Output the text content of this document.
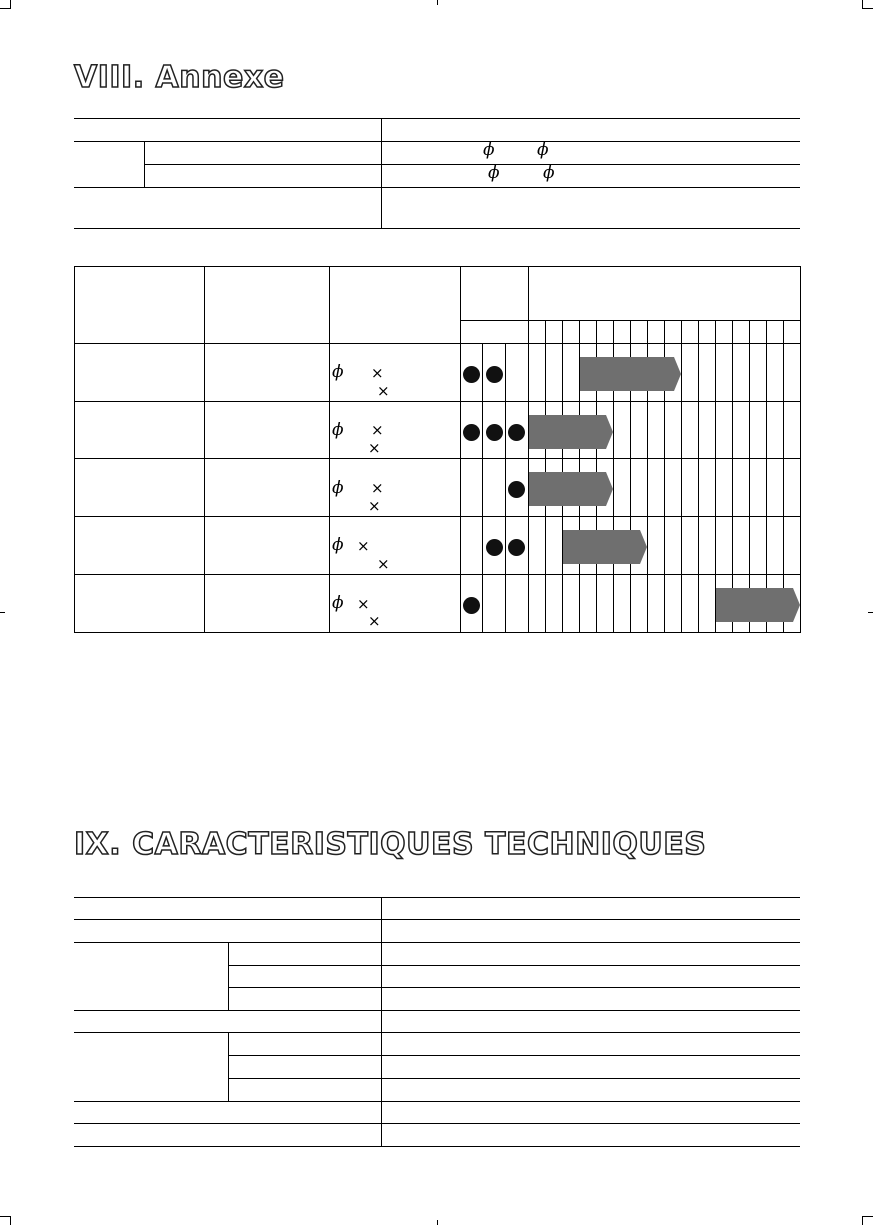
VIII. Annexe
ϕ ϕ
ϕ	ϕ
ϕ ×
×
ϕ ×
×
ϕ ×
×
ϕ ×
×
ϕ ×
×
IX. CARACTERISTIQUES TECHNIQUES
